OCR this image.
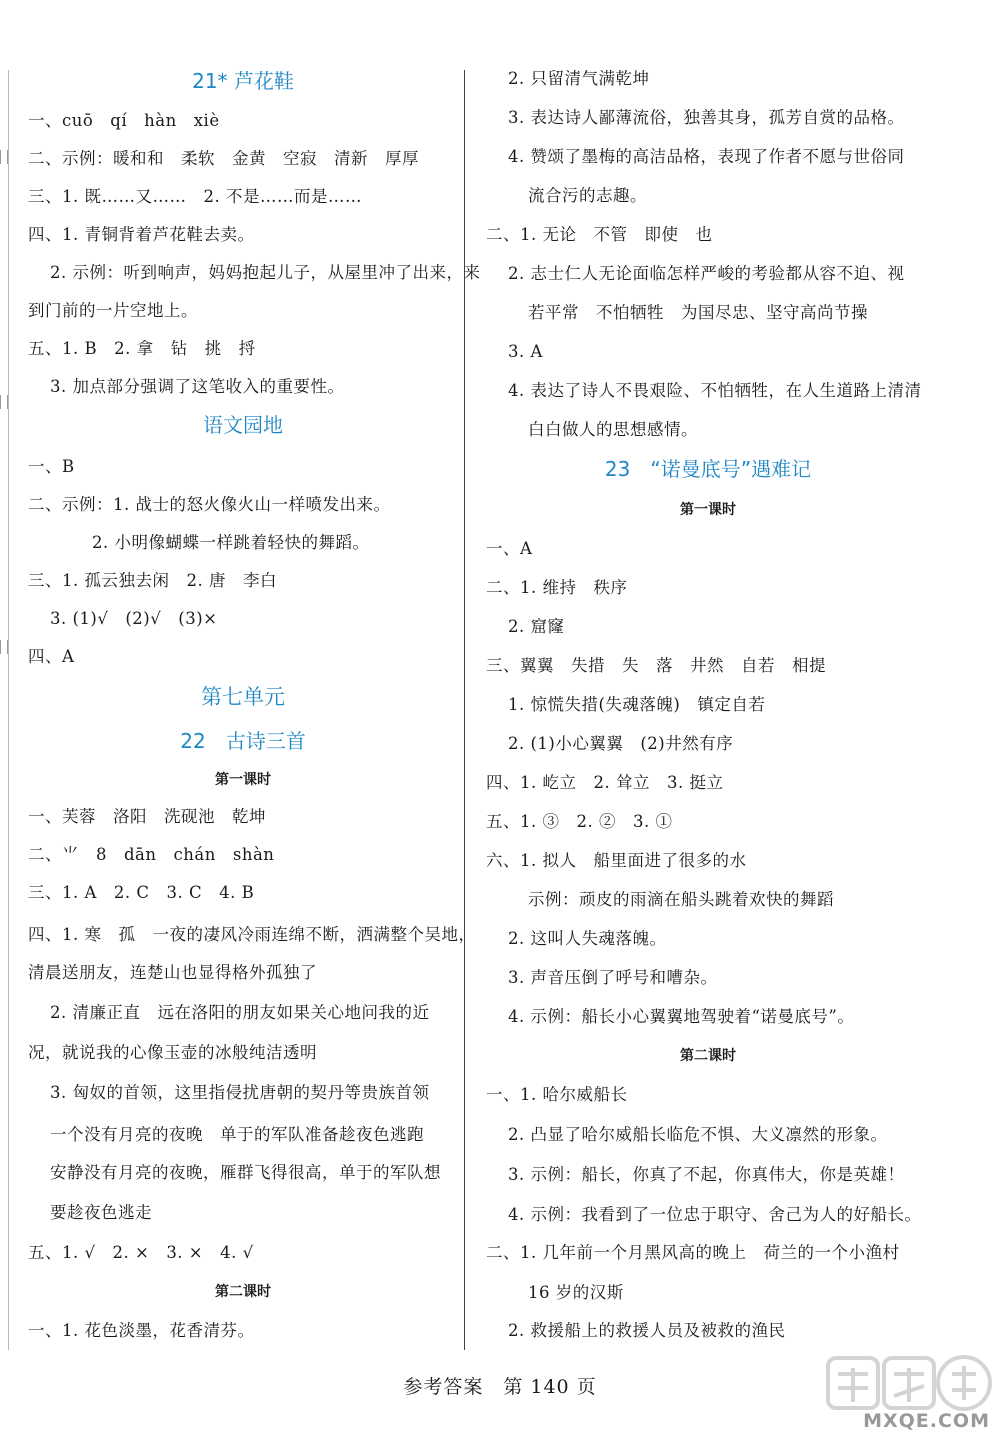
21* 芦花鞋
一、cuō　qí　hàn　xiè
二、示例：暖和和　柔软　金黄　空寂　清新　厚厚
三、1. 既……又……　2. 不是……而是……
四、1. 青铜背着芦花鞋去卖。
2. 示例：听到响声，妈妈抱起儿子，从屋里冲了出来，来
到门前的一片空地上。
五、1. B　2. 拿　钻　挑　捋
3. 加点部分强调了这笔收入的重要性。
语文园地
一、B
二、示例：1. 战士的怒火像火山一样喷发出来。
2. 小明像蝴蝶一样跳着轻快的舞蹈。
三、1. 孤云独去闲　2. 唐　李白
3. (1)√　(2)√　(3)×
四、A
第七单元
22　古诗三首
第一课时
一、芙蓉　洛阳　洗砚池　乾坤
二、⺌　8　dān　chán　shàn
三、1. A　2. C　3. C　4. B
四、1. 寒　孤　一夜的凄风冷雨连绵不断，洒满整个吴地，
清晨送朋友，连楚山也显得格外孤独了
2. 清廉正直　远在洛阳的朋友如果关心地问我的近
况，就说我的心像玉壶的冰般纯洁透明
3. 匈奴的首领，这里指侵扰唐朝的契丹等贵族首领
一个没有月亮的夜晚　单于的军队准备趁夜色逃跑
安静没有月亮的夜晚，雁群飞得很高，单于的军队想
要趁夜色逃走
五、1. √　2. ×　3. ×　4. √
第二课时
一、1. 花色淡墨，花香清芬。
2. 只留清气满乾坤
3. 表达诗人鄙薄流俗，独善其身，孤芳自赏的品格。
4. 赞颂了墨梅的高洁品格，表现了作者不愿与世俗同
流合污的志趣。
二、1. 无论　不管　即使　也
2. 志士仁人无论面临怎样严峻的考验都从容不迫、视
若平常　不怕牺牲　为国尽忠、坚守高尚节操
3. A
4. 表达了诗人不畏艰险、不怕牺牲，在人生道路上清清
白白做人的思想感情。
23　“诺曼底号”遇难记
第一课时
一、A
二、1. 维持　秩序
2. 窟窿
三、翼翼　失措　失　落　井然　自若　相提
1. 惊慌失措(失魂落魄)　镇定自若
2. (1)小心翼翼　(2)井然有序
四、1. 屹立　2. 耸立　3. 挺立
五、1. ③　2. ②　3. ①
六、1. 拟人　船里面进了很多的水
示例：顽皮的雨滴在船头跳着欢快的舞蹈
2. 这叫人失魂落魄。
3. 声音压倒了呼号和嘈杂。
4. 示例：船长小心翼翼地驾驶着“诺曼底号”。
第二课时
一、1. 哈尔威船长
2. 凸显了哈尔威船长临危不惧、大义凛然的形象。
3. 示例：船长，你真了不起，你真伟大，你是英雄！
4. 示例：我看到了一位忠于职守、舍己为人的好船长。
二、1. 几年前一个月黑风高的晚上　荷兰的一个小渔村
16 岁的汉斯
2. 救援船上的救援人员及被救的渔民
参考答案　第 140 页
MXQE.COM
